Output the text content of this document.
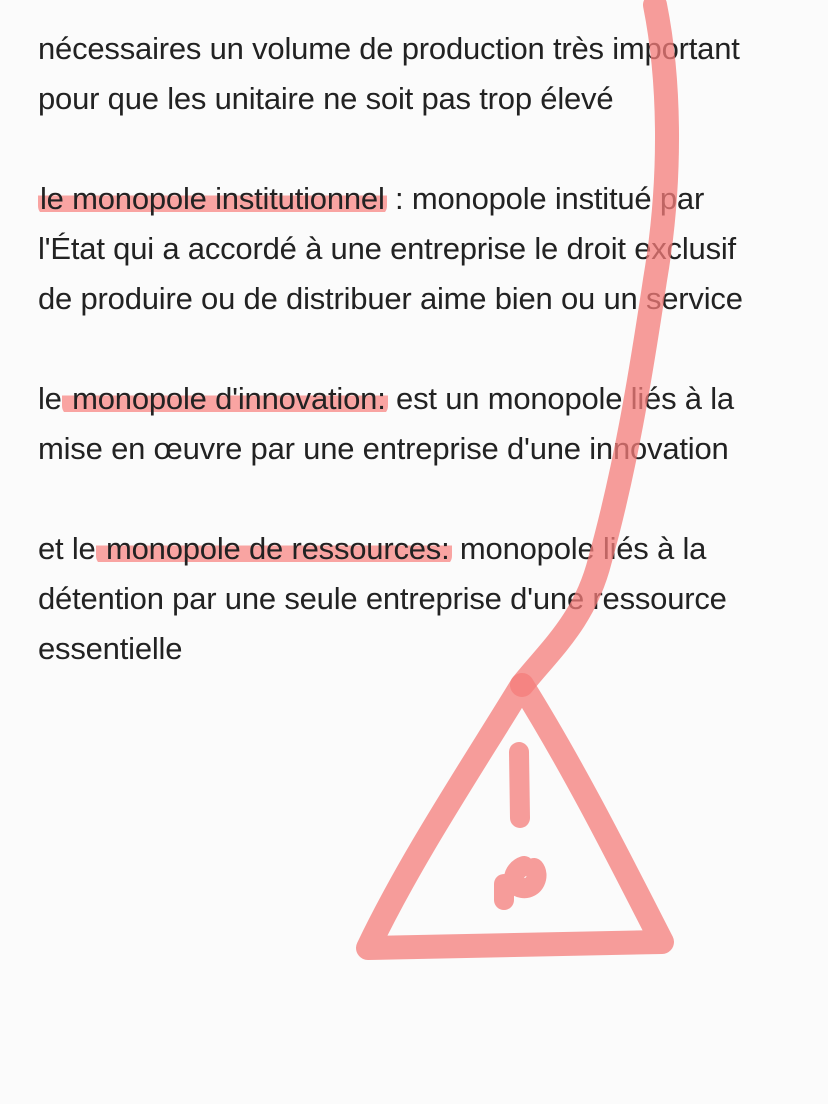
nécessaires un volume de production très important
pour que les unitaire ne soit pas trop élevé

le monopole institutionnel : monopole institué par
l'État qui a accordé à une entreprise le droit exclusif
de produire ou de distribuer aime bien ou un service

le monopole d'innovation: est un monopole liés à la
mise en œuvre par une entreprise d'une innovation

et le monopole de ressources: monopole liés à la
détention par une seule entreprise d'une ressource
essentielle
